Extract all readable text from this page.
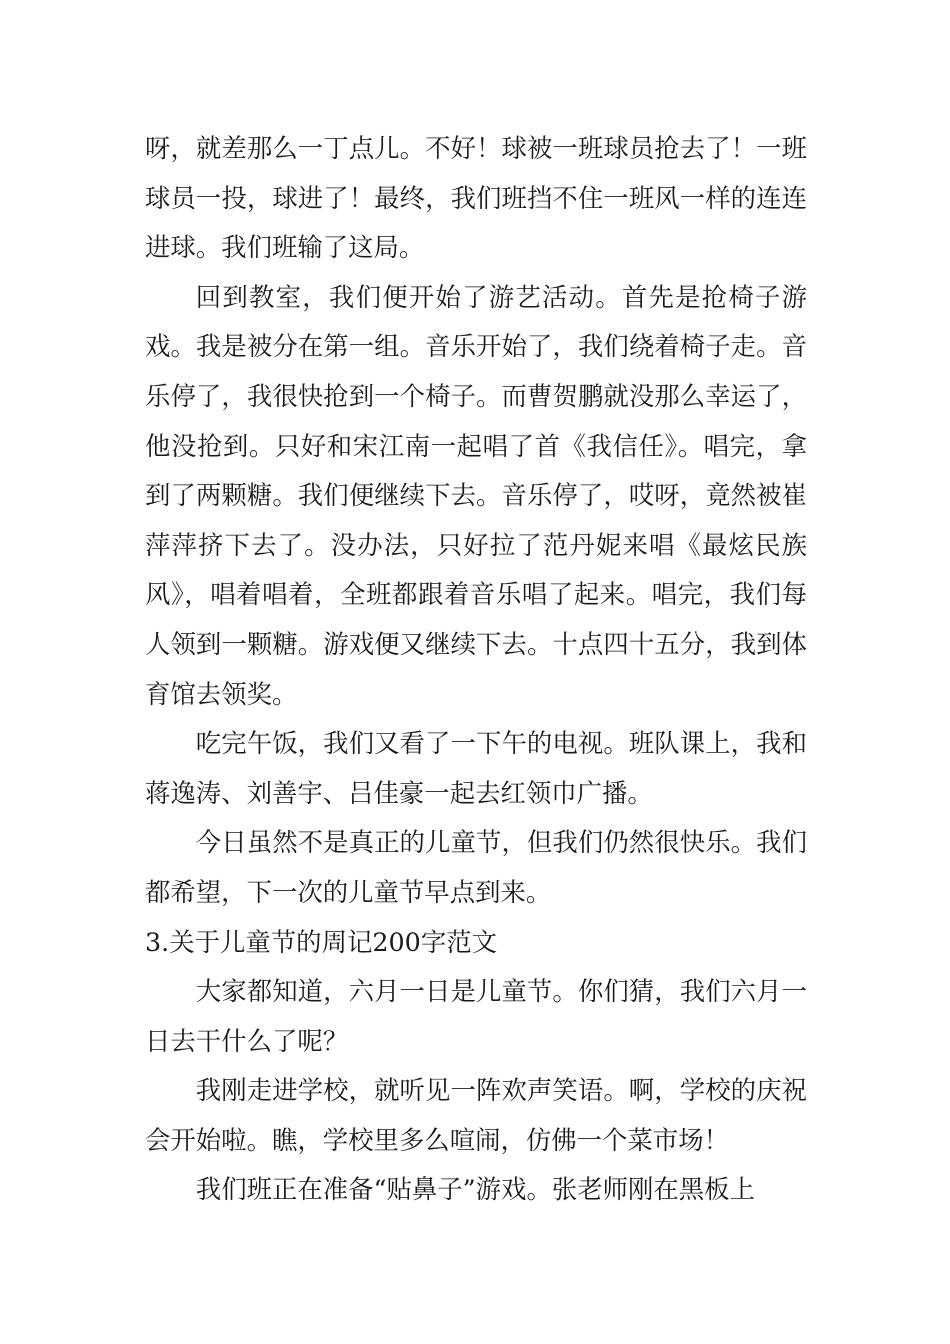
呀，就差那么一丁点儿。不好！球被一班球员抢去了！一班球员一投，球进了！最终，我们班挡不住一班风一样的连连进球。我们班输了这局。

回到教室，我们便开始了游艺活动。首先是抢椅子游戏。我是被分在第一组。音乐开始了，我们绕着椅子走。音乐停了，我很快抢到一个椅子。而曹贺鹏就没那么幸运了，他没抢到。只好和宋江南一起唱了首《我信任》。唱完，拿到了两颗糖。我们便继续下去。音乐停了，哎呀，竟然被崔萍萍挤下去了。没办法，只好拉了范丹妮来唱《最炫民族风》，唱着唱着，全班都跟着音乐唱了起来。唱完，我们每人领到一颗糖。游戏便又继续下去。十点四十五分，我到体育馆去领奖。

吃完午饭，我们又看了一下午的电视。班队课上，我和蒋逸涛、刘善宇、吕佳豪一起去红领巾广播。

今日虽然不是真正的儿童节，但我们仍然很快乐。我们都希望，下一次的儿童节早点到来。

3.关于儿童节的周记200字范文

大家都知道，六月一日是儿童节。你们猜，我们六月一日去干什么了呢？

我刚走进学校，就听见一阵欢声笑语。啊，学校的庆祝会开始啦。瞧，学校里多么喧闹，仿佛一个菜市场！

我们班正在准备“贴鼻子”游戏。张老师刚在黑板上
